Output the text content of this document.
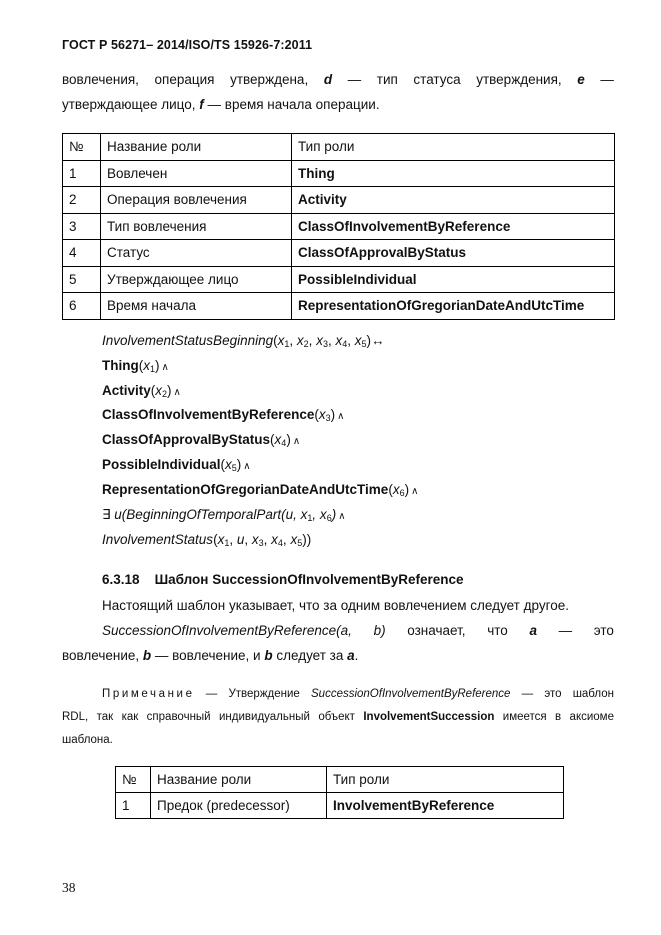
ГОСТ Р 56271– 2014/ISO/TS 15926-7:2011
вовлечения, операция утверждена, d — тип статуса утверждения, e —
утверждающее лицо, f — время начала операции.
№	Название роли	Тип роли
1	Вовлечен	Thing
2	Операция вовлечения	Activity
3	Тип вовлечения	ClassOfInvolvementByReference
4	Статус	ClassOfApprovalByStatus
5	Утверждающее лицо	PossibleIndividual
6	Время начала	RepresentationOfGregorianDateAndUtcTime
$InvolvementStatusBeginning(x_1$, $x_2$, $x_3$, $x_4$, $x_5)\leftrightarrow$
$Thing(x_1)$ ∧
$Activity(x_2)$ ∧
$ClassOfInvolvementByReference(x_3)$ ∧
$ClassOfApprovalByStatus(x_4)$ ∧
$PossibleIndividual(x_5)$ ∧
$RepresentationOfGregorianDateAndUtcTime(x_6)$ ∧
∃ u(BeginningOfTemporalPart(u, $x_1$, $x_6$) ∧
$InvolvementStatus(x_1$, u, $x_3$, $x_4$, $x_5$))
6.3.18 Шаблон SuccessionOfInvolvementByReference
Настоящий шаблон указывает, что за одним вовлечением следует другое.
SuccessionOfInvolvementByReference(a, b) означает, что a — это
вовлечение, b — вовлечение, и b следует за a.
Примечание — Утверждение SuccessionOfInvolvementByReference — это шаблон
RDL, так как справочный индивидуальный объект InvolvementSuccession имеется в аксиоме
шаблона.
№	Название роли	Тип роли
1	Предок (predecessor)	InvolvementByReference
38
